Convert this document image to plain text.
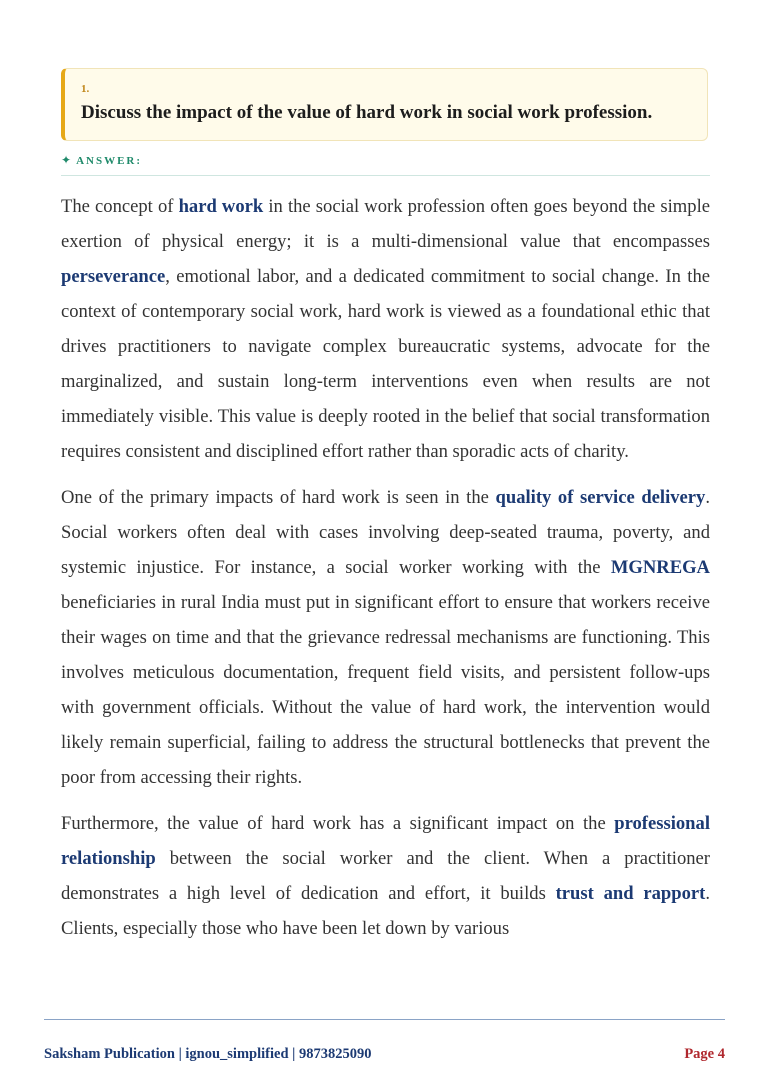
1.
Discuss the impact of the value of hard work in social work profession.
✦ ANSWER:

The concept of hard work in the social work profession often goes beyond the simple exertion of physical energy; it is a multi-dimensional value that encompasses perseverance, emotional labor, and a dedicated commitment to social change. In the context of contemporary social work, hard work is viewed as a foundational ethic that drives practitioners to navigate complex bureaucratic systems, advocate for the marginalized, and sustain long-term interventions even when results are not immediately visible. This value is deeply rooted in the belief that social transformation requires consistent and disciplined effort rather than sporadic acts of charity.

One of the primary impacts of hard work is seen in the quality of service delivery. Social workers often deal with cases involving deep-seated trauma, poverty, and systemic injustice. For instance, a social worker working with the MGNREGA beneficiaries in rural India must put in significant effort to ensure that workers receive their wages on time and that the grievance redressal mechanisms are functioning. This involves meticulous documentation, frequent field visits, and persistent follow-ups with government officials. Without the value of hard work, the intervention would likely remain superficial, failing to address the structural bottlenecks that prevent the poor from accessing their rights.

Furthermore, the value of hard work has a significant impact on the professional relationship between the social worker and the client. When a practitioner demonstrates a high level of dedication and effort, it builds trust and rapport. Clients, especially those who have been let down by various

Saksham Publication | ignou_simplified | 9873825090	Page 4
